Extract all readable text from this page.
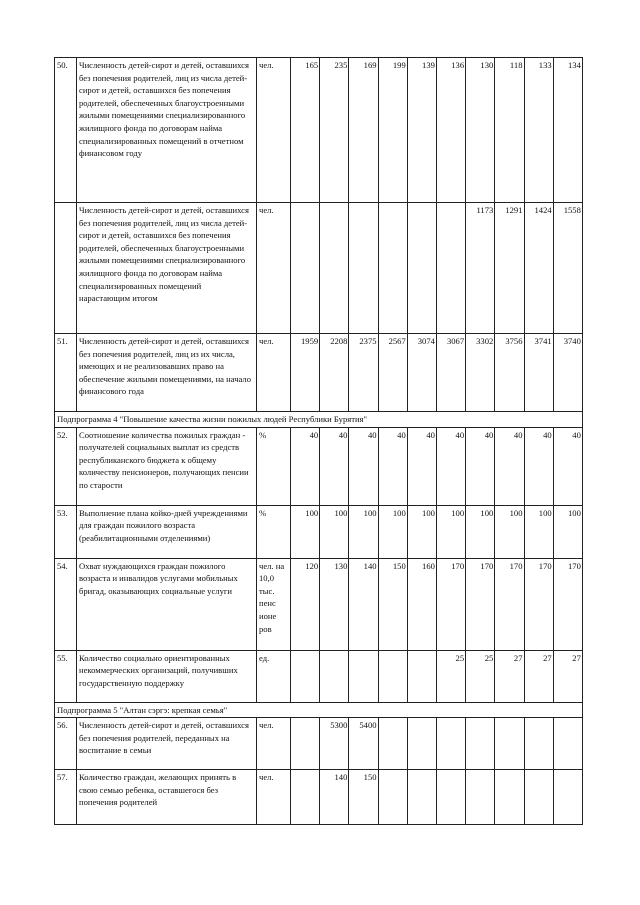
50.	Численность детей-сирот и детей, оставшихся без попечения родителей, лиц из числа детей-сирот и детей, оставшихся без попечения родителей, обеспеченных благоустроенными жилыми помещениями специализированного жилищного фонда по договорам найма специализированных помещений в отчетном финансовом году	чел.	165	235	169	199	139	136	130	118	133	134
	Численность детей-сирот и детей, оставшихся без попечения родителей, лиц из числа детей-сирот и детей, оставшихся без попечения родителей, обеспеченных благоустроенными жилыми помещениями специализированного жилищного фонда по договорам найма специализированных помещений нарастающим итогом	чел.							1173	1291	1424	1558
51.	Численность детей-сирот и детей, оставшихся без попечения родителей, лиц из их числа, имеющих и не реализовавших право на обеспечение жилыми помещениями, на начало финансового года	чел.	1959	2208	2375	2567	3074	3067	3302	3756	3741	3740
Подпрограмма 4 "Повышение качества жизни пожилых людей Республики Бурятия"												
52.	Соотношение количества пожилых граждан - получателей социальных выплат из средств республиканского бюджета к общему количеству пенсионеров, получающих пенсии по старости	%	40	40	40	40	40	40	40	40	40	40
53.	Выполнение плана койко-дней учреждениями для граждан пожилого возраста (реабилитационными отделениями)	%	100	100	100	100	100	100	100	100	100	100
54.	Охват нуждающихся граждан пожилого возраста и инвалидов услугами мобильных бригад, оказывающих социальные услуги	чел. на 10,0 тыс. пенс ионе ров	120	130	140	150	160	170	170	170	170	170
55.	Количество социально ориентированных некоммерческих организаций, получивших государственную поддержку	ед.						25	25	27	27	27
Подпрограмма 5 "Алтан сэргэ: крепкая семья"												
56.	Численность детей-сирот и детей, оставшихся без попечения родителей, переданных на воспитание в семьи	чел.		5300	5400							
57.	Количество граждан, желающих принять в свою семью ребенка, оставшегося без попечения родителей	чел.		140	150							
